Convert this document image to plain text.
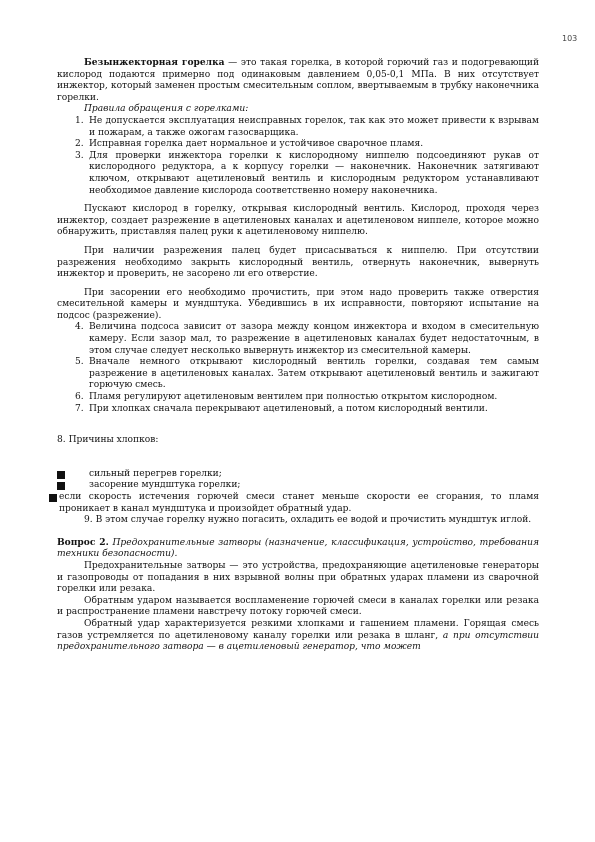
103

Безынжекторная горелка — это такая горелка, в которой горючий газ и подогревающий кислород подаются примерно под одинаковым давлением 0,05-0,1 МПа. В них отсутствует инжектор, который заменен простым смесительным соплом, ввертываемым в трубку наконечника горелки.

Правила обращения с горелками:

1. Не допускается эксплуатация неисправных горелок, так как это может привести к взрывам и пожарам, а также ожогам газосварщика.
2. Исправная горелка дает нормальное и устойчивое сварочное пламя.
3. Для проверки инжектора горелки к кислородному ниппелю подсоединяют рукав от кислородного редуктора, а к корпусу горелки — наконечник. Наконечник затягивают ключом, открывают ацетиленовый вентиль и кислородным редуктором устанавливают необходимое давление кислорода соответственно номеру наконечника.

Пускают кислород в горелку, открывая кислородный вентиль. Кислород, проходя через инжектор, создает разрежение в ацетиленовых каналах и ацетиленовом ниппеле, которое можно обнаружить, приставляя палец руки к ацетиленовому ниппелю.

При наличии разрежения палец будет присасываться к ниппелю. При отсутствии разрежения необходимо закрыть кислородный вентиль, отвернуть наконечник, вывернуть инжектор и проверить, не засорено ли его отверстие.

При засорении его необходимо прочистить, при этом надо проверить также отверстия смесительной камеры и мундштука. Убедившись в их исправности, повторяют испытание на подсос (разрежение).

4. Величина подсоса зависит от зазора между концом инжектора и входом в смесительную камеру. Если зазор мал, то разрежение в ацетиленовых каналах будет недостаточным, в этом случае следует несколько вывернуть инжектор из смесительной камеры.
5. Вначале немного открывают кислородный вентиль горелки, создавая тем самым разрежение в ацетиленовых каналах. Затем открывают ацетиленовый вентиль и зажигают горючую смесь.
6. Пламя регулируют ацетиленовым вентилем при полностью открытом кислородном.
7. При хлопках сначала перекрывают ацетиленовый, а потом кислородный вентили.

8. Причины хлопков:

сильный перегрев горелки;
засорение мундштука горелки;
если скорость истечения горючей смеси станет меньше скорости ее сгорания, то пламя проникает в канал мундштука и произойдет обратный удар.

9. В этом случае горелку нужно погасить, охладить ее водой и прочистить мундштук иглой.

Вопрос 2. Предохранительные затворы (назначение, классификация, устройство, требования техники безопасности).

Предохранительные затворы — это устройства, предохраняющие ацетиленовые генераторы и газопроводы от попадания в них взрывной волны при обратных ударах пламени из сварочной горелки или резака.

Обратным ударом называется воспламенение горючей смеси в каналах горелки или резака и распространение пламени навстречу потоку горючей смеси.

Обратный удар характеризуется резкими хлопками и гашением пламени. Горящая смесь газов устремляется по ацетиленовому каналу горелки или резака в шланг, а при отсутствии предохранительного затвора — в ацетиленовый генератор, что может
